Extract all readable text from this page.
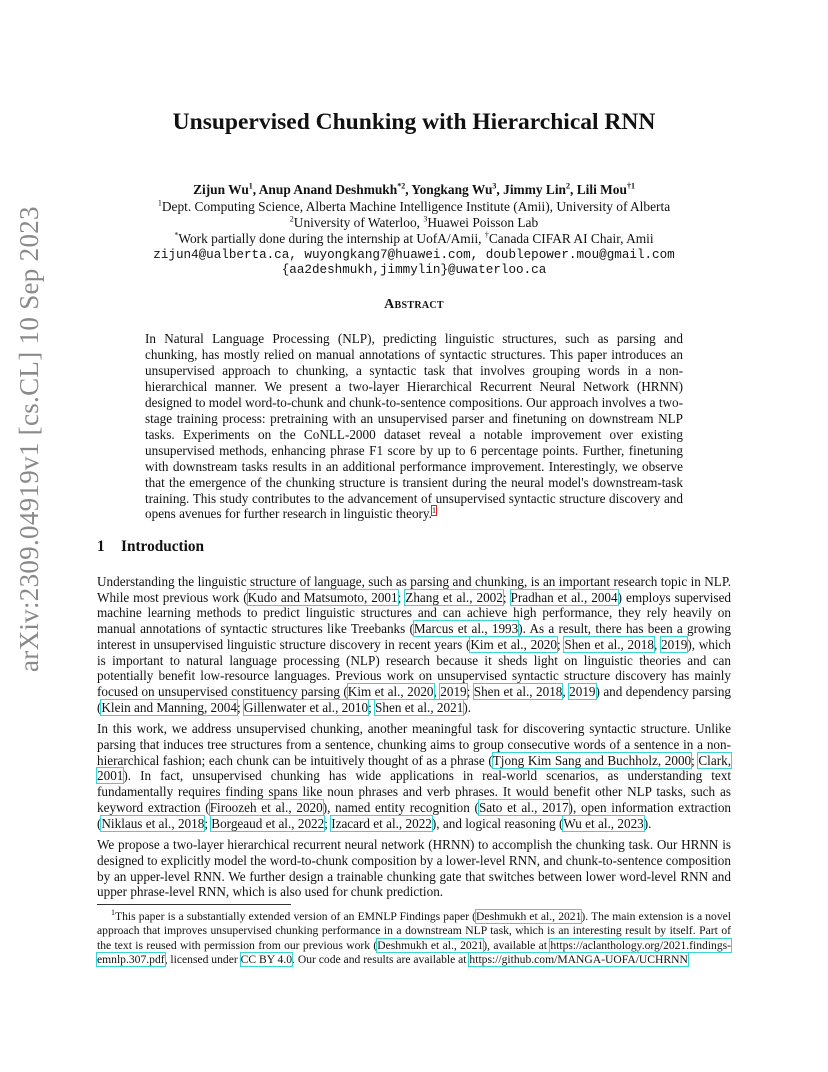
arXiv:2309.04919v1 [cs.CL] 10 Sep 2023
Unsupervised Chunking with Hierarchical RNN
Zijun Wu$^1$, Anup Anand Deshmukh$^{*2}$, Yongkang Wu$^3$, Jimmy Lin$^2$, Lili Mou$^{\dagger 1}$
$^1$Dept. Computing Science, Alberta Machine Intelligence Institute (Amii), University of Alberta
$^2$University of Waterloo, $^3$Huawei Poisson Lab
*Work partially done during the internship at UofA/Amii, †Canada CIFAR AI Chair, Amii
zijun4@ualberta.ca, wuyongkang7@huawei.com, doublepower.mou@gmail.com
{aa2deshmukh,jimmylin}@uwaterloo.ca
Abstract
In Natural Language Processing (NLP), predicting linguistic structures, such as parsing and chunking, has mostly relied on manual annotations of syntactic structures. This paper introduces an unsupervised approach to chunking, a syntactic task that involves grouping words in a non-hierarchical manner. We present a two-layer Hierarchical Recurrent Neural Network (HRNN) designed to model word-to-chunk and chunk-to-sentence compositions. Our approach involves a two-stage training process: pretraining with an unsupervised parser and finetuning on downstream NLP tasks. Experiments on the CoNLL-2000 dataset reveal a notable improvement over existing unsupervised methods, enhancing phrase F1 score by up to 6 percentage points. Further, finetuning with downstream tasks results in an additional performance improvement. Interestingly, we observe that the emergence of the chunking structure is transient during the neural model's downstream-task training. This study contributes to the advancement of unsupervised syntactic structure discovery and opens avenues for further research in linguistic theory.$^1$
1 Introduction

Understanding the linguistic structure of language, such as parsing and chunking, is an important research topic in NLP. While most previous work (Kudo and Matsumoto, 2001; Zhang et al., 2002; Pradhan et al., 2004) employs supervised machine learning methods to predict linguistic structures and can achieve high performance, they rely heavily on manual annotations of syntactic structures like Treebanks (Marcus et al., 1993). As a result, there has been a growing interest in unsupervised linguistic structure discovery in recent years (Kim et al., 2020; Shen et al., 2018, 2019), which is important to natural language processing (NLP) research because it sheds light on linguistic theories and can potentially benefit low-resource languages. Previous work on unsupervised syntactic structure discovery has mainly focused on unsupervised constituency parsing (Kim et al., 2020, 2019; Shen et al., 2018, 2019) and dependency parsing (Klein and Manning, 2004; Gillenwater et al., 2010; Shen et al., 2021).

In this work, we address unsupervised chunking, another meaningful task for discovering syntactic structure. Unlike parsing that induces tree structures from a sentence, chunking aims to group consecutive words of a sentence in a non-hierarchical fashion; each chunk can be intuitively thought of as a phrase (Tjong Kim Sang and Buchholz, 2000; Clark, 2001). In fact, unsupervised chunking has wide applications in real-world scenarios, as understanding text fundamentally requires finding spans like noun phrases and verb phrases. It would benefit other NLP tasks, such as keyword extraction (Firoozeh et al., 2020), named entity recognition (Sato et al., 2017), open information extraction (Niklaus et al., 2018; Borgeaud et al., 2022; Izacard et al., 2022), and logical reasoning (Wu et al., 2023).

We propose a two-layer hierarchical recurrent neural network (HRNN) to accomplish the chunking task. Our HRNN is designed to explicitly model the word-to-chunk composition by a lower-level RNN, and chunk-to-sentence composition by an upper-level RNN. We further design a trainable chunking gate that switches between lower word-level RNN and upper phrase-level RNN, which is also used for chunk prediction.

$^1$This paper is a substantially extended version of an EMNLP Findings paper (Deshmukh et al., 2021). The main extension is a novel approach that improves unsupervised chunking performance in a downstream NLP task, which is an interesting result by itself. Part of the text is reused with permission from our previous work (Deshmukh et al., 2021), available at https://aclanthology.org/2021.findings-emnlp.307.pdf, licensed under CC BY 4.0. Our code and results are available at https://github.com/MANGA-UOFA/UCHRNN
